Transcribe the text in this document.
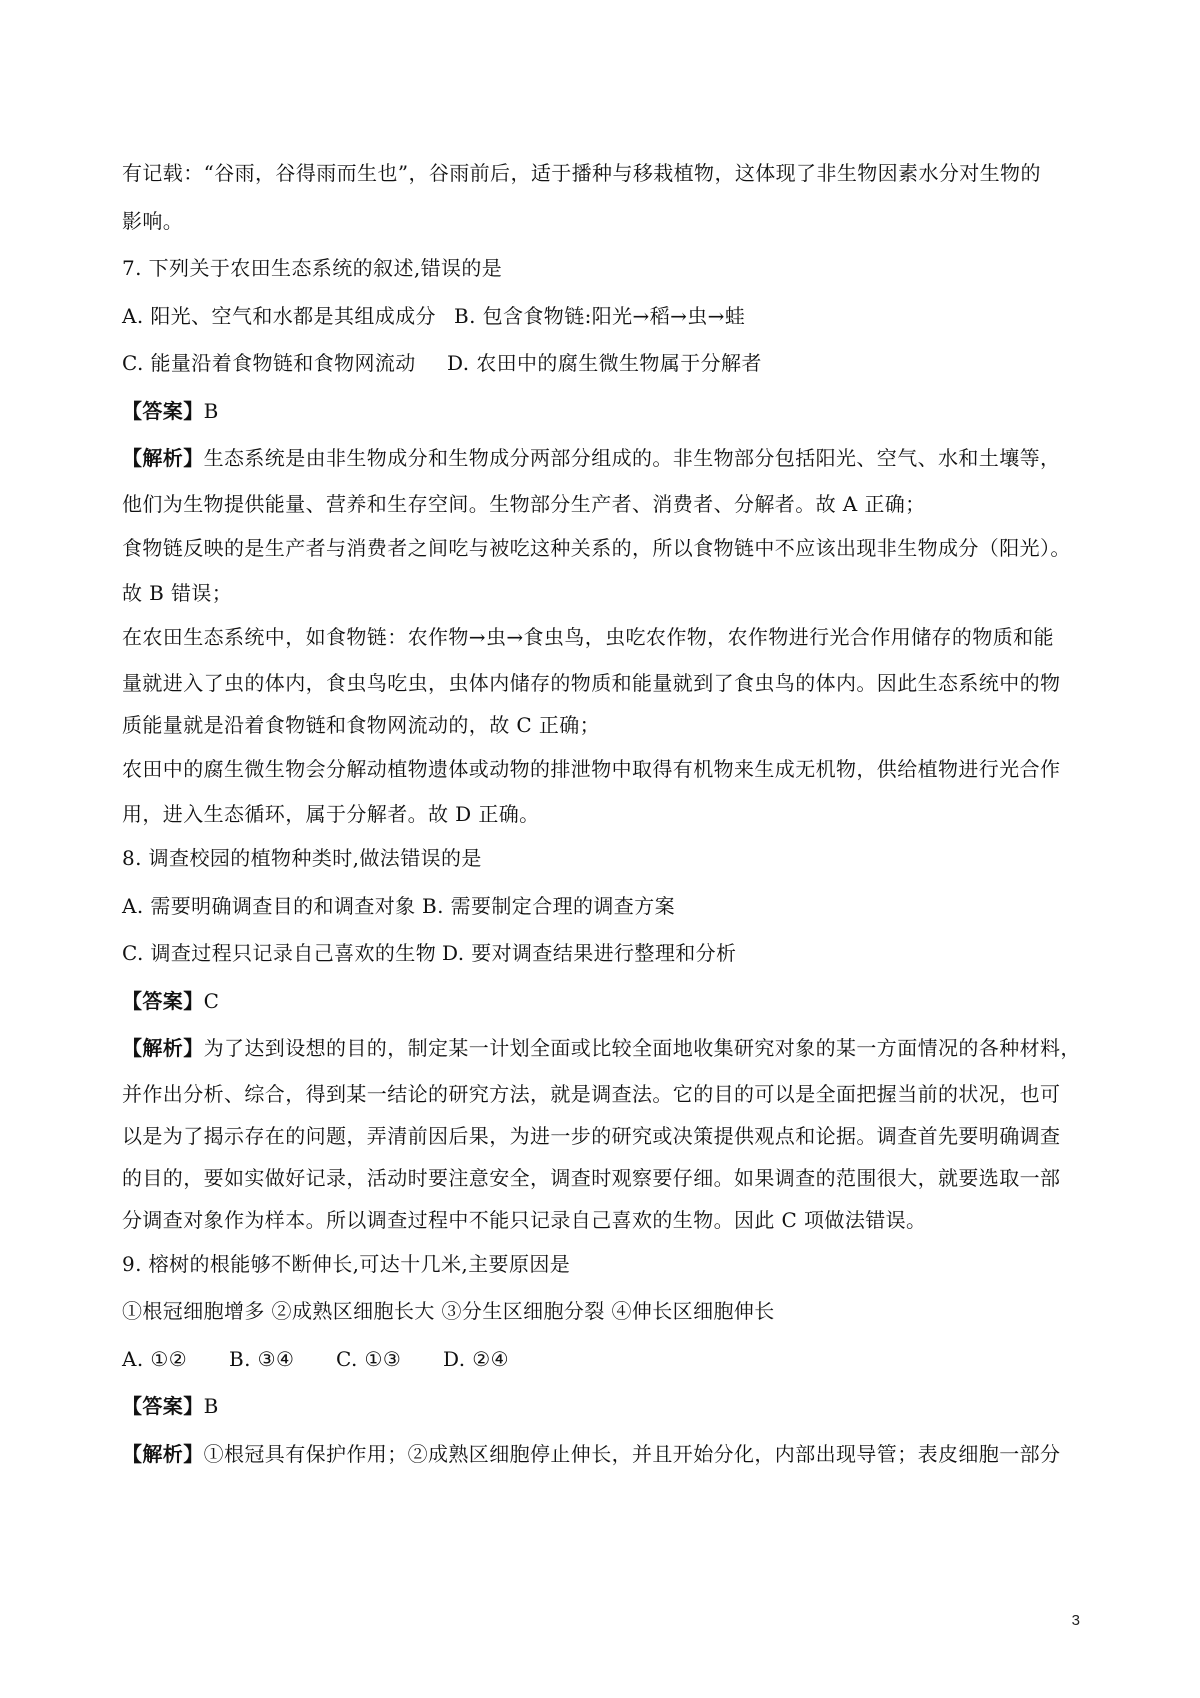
有记载：“谷雨，谷得雨而生也”，谷雨前后，适于播种与移栽植物，这体现了非生物因素水分对生物的
影响。
7. 下列关于农田生态系统的叙述,错误的是
A. 阳光、空气和水都是其组成成分 B. 包含食物链:阳光→稻→虫→蛙
C. 能量沿着食物链和食物网流动	D. 农田中的腐生微生物属于分解者
【答案】B
【解析】生态系统是由非生物成分和生物成分两部分组成的。非生物部分包括阳光、空气、水和土壤等，
他们为生物提供能量、营养和生存空间。生物部分生产者、消费者、分解者。故 A 正确；
食物链反映的是生产者与消费者之间吃与被吃这种关系的，所以食物链中不应该出现非生物成分（阳光）。
故 B 错误；
在农田生态系统中，如食物链：农作物→虫→食虫鸟，虫吃农作物，农作物进行光合作用储存的物质和能
量就进入了虫的体内，食虫鸟吃虫，虫体内储存的物质和能量就到了食虫鸟的体内。因此生态系统中的物
质能量就是沿着食物链和食物网流动的，故 C 正确；
农田中的腐生微生物会分解动植物遗体或动物的排泄物中取得有机物来生成无机物，供给植物进行光合作
用，进入生态循环，属于分解者。故 D 正确。
8. 调查校园的植物种类时,做法错误的是
A. 需要明确调查目的和调查对象 B. 需要制定合理的调查方案
C. 调查过程只记录自己喜欢的生物 D. 要对调查结果进行整理和分析
【答案】C
【解析】为了达到设想的目的，制定某一计划全面或比较全面地收集研究对象的某一方面情况的各种材料，
并作出分析、综合，得到某一结论的研究方法，就是调查法。它的目的可以是全面把握当前的状况，也可
以是为了揭示存在的问题，弄清前因后果，为进一步的研究或决策提供观点和论据。调查首先要明确调查
的目的，要如实做好记录，活动时要注意安全，调查时观察要仔细。如果调查的范围很大，就要选取一部
分调查对象作为样本。所以调查过程中不能只记录自己喜欢的生物。因此 C 项做法错误。
9. 榕树的根能够不断伸长,可达十几米,主要原因是
①根冠细胞增多 ②成熟区细胞长大 ③分生区细胞分裂 ④伸长区细胞伸长
A. ①②	B. ③④	C. ①③	D. ②④
【答案】B
【解析】①根冠具有保护作用；②成熟区细胞停止伸长，并且开始分化，内部出现导管；表皮细胞一部分
3
